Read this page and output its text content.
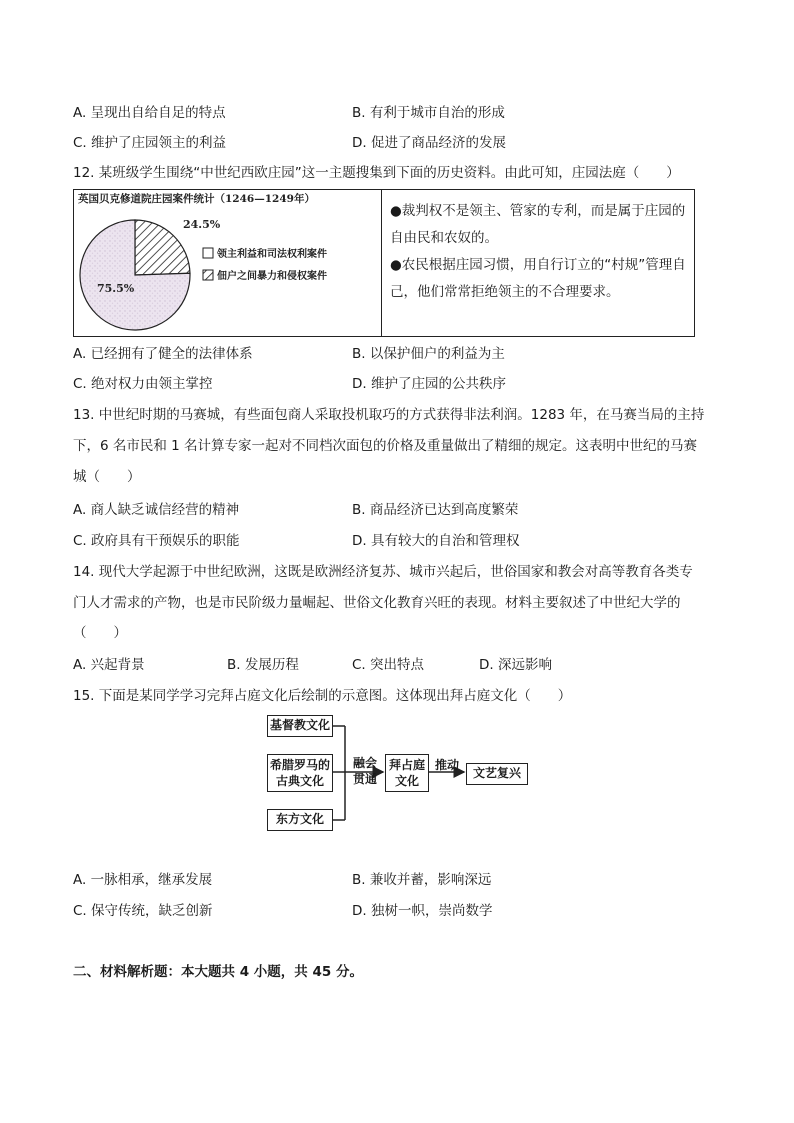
A. 呈现出自给自足的特点	B. 有利于城市自治的形成
C. 维护了庄园领主的利益	D. 促进了商品经济的发展
12. 某班级学生围绕“中世纪西欧庄园”这一主题搜集到下面的历史资料。由此可知，庄园法庭（　　）
英国贝克修道院庄园案件统计（1246—1249年）
75.5%
24.5%
领主利益和司法权利案件
佃户之间暴力和侵权案件

●裁判权不是领主、管家的专利，而是属于庄园的自由民和农奴的。

●农民根据庄园习惯，用自行订立的“村规”管理自己，他们常常拒绝领主的不合理要求。

A. 已经拥有了健全的法律体系	B. 以保护佃户的利益为主
C. 绝对权力由领主掌控	D. 维护了庄园的公共秩序
13. 中世纪时期的马赛城，有些面包商人采取投机取巧的方式获得非法利润。1283 年，在马赛当局的主持
下，6 名市民和 1 名计算专家一起对不同档次面包的价格及重量做出了精细的规定。这表明中世纪的马赛
城（　　）
A. 商人缺乏诚信经营的精神	B. 商品经济已达到高度繁荣
C. 政府具有干预娱乐的职能	D. 具有较大的自治和管理权
14. 现代大学起源于中世纪欧洲，这既是欧洲经济复苏、城市兴起后，世俗国家和教会对高等教育各类专
门人才需求的产物，也是市民阶级力量崛起、世俗文化教育兴旺的表现。材料主要叙述了中世纪大学的
（　　）
A. 兴起背景	B. 发展历程	C. 突出特点	D. 深远影响
15. 下面是某同学学习完拜占庭文化后绘制的示意图。这体现出拜占庭文化（　　）
基督教文化
希腊罗马的
古典文化
东方文化
融会
贯通
拜占庭
文化
推动
文艺复兴
A. 一脉相承，继承发展	B. 兼收并蓄，影响深远
C. 保守传统，缺乏创新	D. 独树一帜，崇尚数学
二、材料解析题：本大题共 4 小题，共 45 分。
